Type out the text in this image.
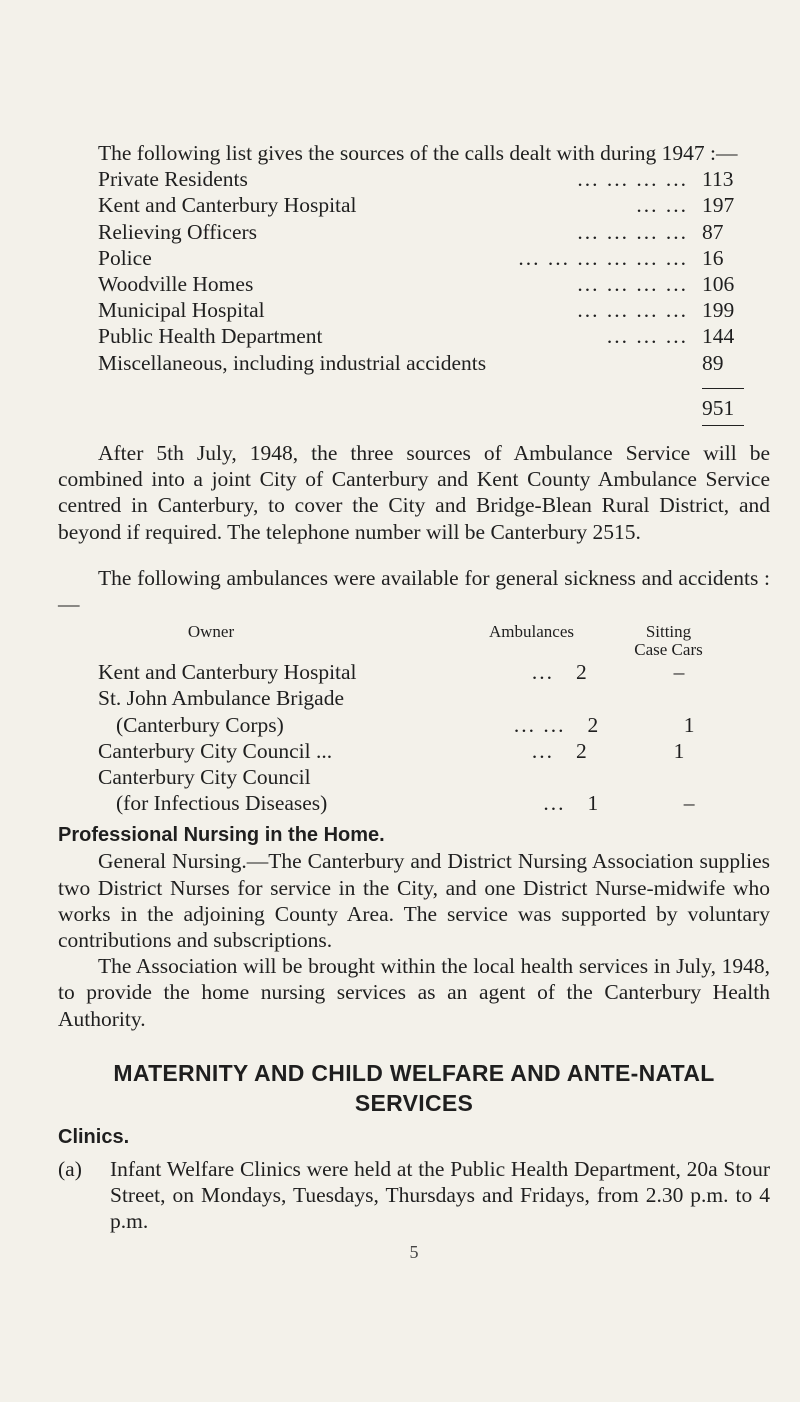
The following list gives the sources of the calls dealt with during 1947 :—

Private Residents	... ... ... ... 113
Kent and Canterbury Hospital	... ... 197
Relieving Officers	... ... ... ... 87
Police	... ... ... ... ... ... 16
Woodville Homes	... ... ... ... 106
Municipal Hospital	... ... ... ... 199
Public Health Department	... ... ... 144
Miscellaneous, including industrial accidents	89
951

After 5th July, 1948, the three sources of Ambulance Service will be combined into a joint City of Canterbury and Kent County Ambulance Service centred in Canterbury, to cover the City and Bridge-Blean Rural District, and beyond if required. The telephone number will be Canterbury 2515.

The following ambulances were available for general sickness and accidents :—

Owner	Ambulances	Sitting
Case Cars
Kent and Canterbury Hospital	...	2	–
St. John Ambulance Brigade
(Canterbury Corps)	... ...	2	1
Canterbury City Council ...	...	2	1
Canterbury City Council
(for Infectious Diseases)	...	1	–
Professional Nursing in the Home.

General Nursing.—The Canterbury and District Nursing Association supplies two District Nurses for service in the City, and one District Nurse-midwife who works in the adjoining County Area. The service was supported by voluntary contributions and subscriptions.

The Association will be brought within the local health services in July, 1948, to provide the home nursing services as an agent of the Canterbury Health Authority.

MATERNITY AND CHILD WELFARE AND ANTE-NATAL
SERVICES
Clinics.
(a)	Infant Welfare Clinics were held at the Public Health Department, 20a Stour Street, on Mondays, Tuesdays, Thursdays and Fridays, from 2.30 p.m. to 4 p.m.
5
